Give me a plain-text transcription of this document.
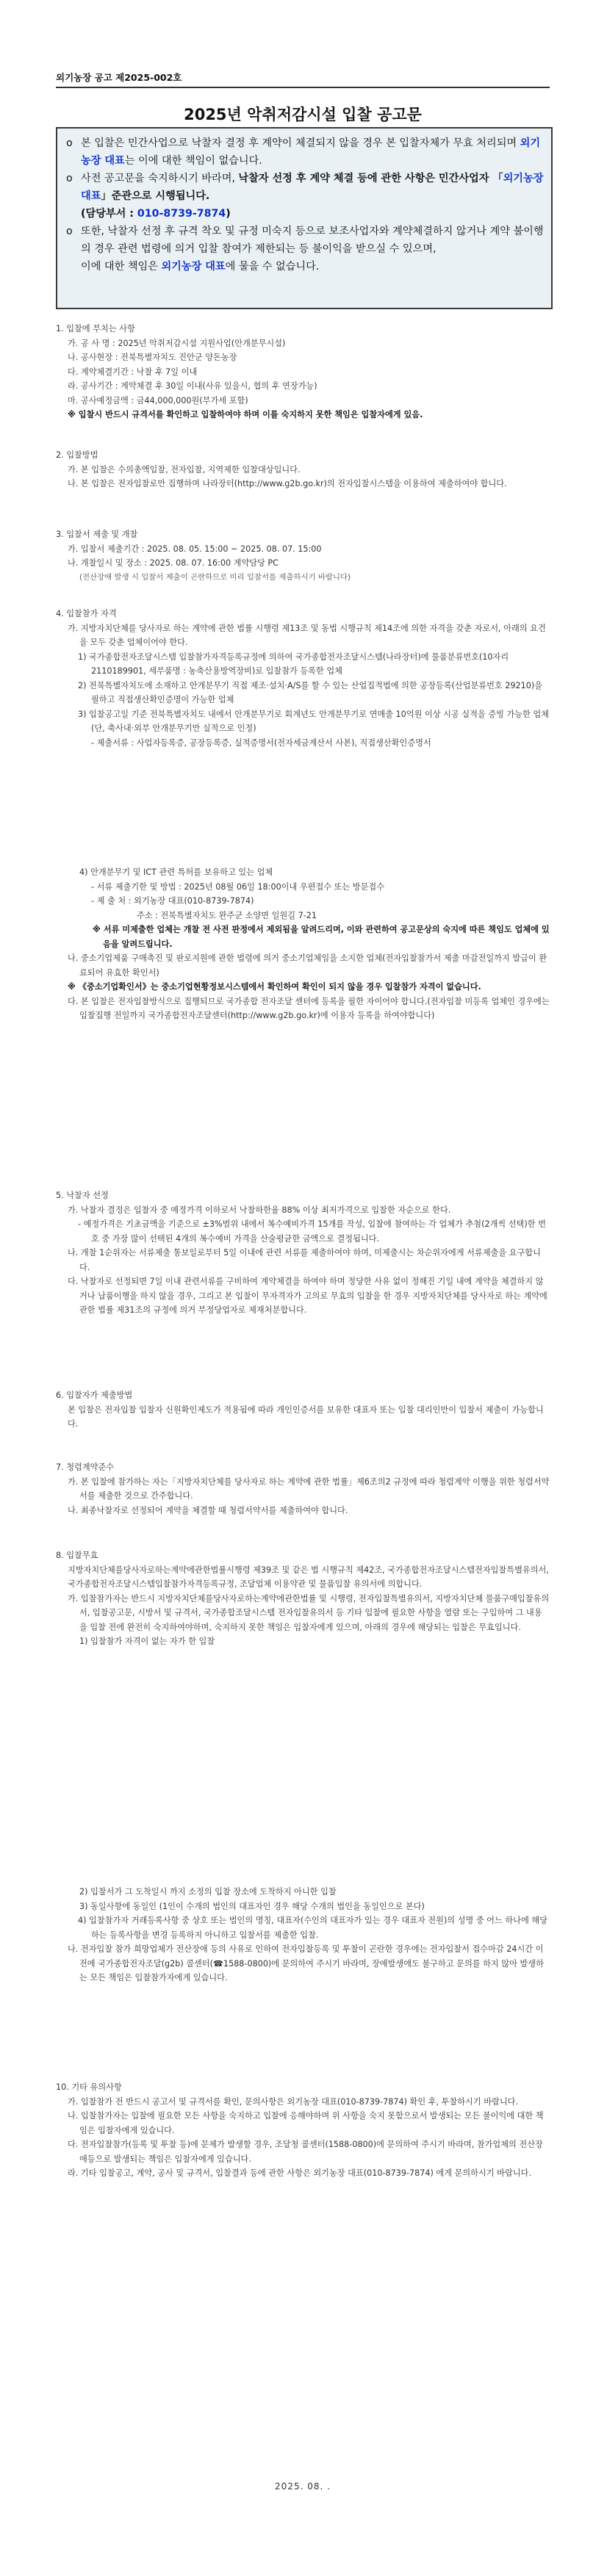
외기농장 공고 제2025-002호
2025년 악취저감시설 입찰 공고문
o 본 입찰은 민간사업으로 낙찰자 결정 후 계약이 체결되지 않을 경우 본 입찰자체가 무효 처리되며 외기농장 대표는 이에 대한 책임이 없습니다.
o 사전 공고문을 숙지하시기 바라며, 낙찰자 선정 후 계약 체결 등에 관한 사항은 민간사업자 「외기농장 대표」준관으로 시행됩니다.
(담당부서 : 010-8739-7874)
o 또한, 낙찰자 선정 후 규격 착오 및 규정 미숙지 등으로 보조사업자와 계약체결하지 않거나 계약 불이행의 경우 관련 법령에 의거 입찰 참여가 제한되는 등 불이익을 받으실 수 있으며,
이에 대한 책임은 외기농장 대표에 물을 수 없습니다.

1. 입찰에 부치는 사항

가. 공 사 명 : 2025년 악취저감시설 지원사업(안개분무시설)

나. 공사현장 : 전북특별자치도 진안군 양돈농장

다. 계약체결기간 : 낙찰 후 7일 이내

라. 공사기간 : 계약체결 후 30일 이내(사유 있을시, 협의 후 연장가능)

마. 공사예정금액 : 금44,000,000원(부가세 포함)

※ 입찰시 반드시 규격서를 확인하고 입찰하여야 하며 이를 숙지하지 못한 책임은 입찰자에게 있음.

2. 입찰방법

가. 본 입찰은 수의총액입찰, 전자입찰, 지역제한 입찰대상입니다.

나. 본 입찰은 전자입찰로만 집행하며 나라장터(http://www.g2b.go.kr)의 전자입찰시스템을 이용하여 제출하여야 합니다.

3. 입찰서 제출 및 개찰

가. 입찰서 제출기간 : 2025. 08. 05. 15:00 ~ 2025. 08. 07. 15:00

나. 개찰일시 및 장소 : 2025. 08. 07. 16:00 계약담당 PC

(전산장애 발생 시 입찰서 제출이 곤란하므로 미리 입찰서를 제출하시기 바랍니다)

4. 입찰참가 자격

가. 지방자치단체를 당사자로 하는 계약에 관한 법률 시행령 제13조 및 동법 시행규칙 제14조에 의한 자격을 갖춘 자로서, 아래의 요건을 모두 갖춘 업체이어야 한다.

1) 국가종합전자조달시스템 입찰참가자격등록규정에 의하여 국가종합전자조달시스템(나라장터)에 물품분류번호(10자리 2110189901, 세부품명 : 농축산용방역장비)로 입찰참가 등록한 업체

2) 전북특별자치도에 소재하고 안개분무기 직접 제조·설치·A/S를 할 수 있는 산업집적법에 의한 공장등록(산업분류번호 29210)을 필하고 직접생산확인증명이 가능한 업체

3) 입찰공고일 기준 전북특별자치도 내에서 안개분무기로 회계년도 안개분무기로 연매출 10억원 이상 시공 실적을 증빙 가능한 업체(단, 축사내·외부 안개분무기만 실적으로 인정)

- 제출서류 : 사업자등록증, 공장등록증, 실적증명서(전자세금계산서 사본), 직접생산확인증명서

4) 안개분무기 및 ICT 관련 특허를 보유하고 있는 업체

- 서류 제출기한 및 방법 : 2025년 08월 06일 18:00이내 우편접수 또는 방문접수

- 제 출 처 : 외기농장 대표(010-8739-7874)

주소 : 전북특별자치도 완주군 소양면 일원길 7-21

※ 서류 미제출한 업체는 개찰 전 사전 판정에서 제외됨을 알려드리며, 이와 관련하여 공고문상의 숙지에 따른 책임도 업체에 있음을 알려드립니다.

나. 중소기업제품 구매촉진 및 판로지원에 관한 법령에 의거 중소기업체임을 소지한 업체(전자입찰참가서 제출 마감전일까지 발급이 완료되어 유효한 확인서)

※ 《중소기업확인서》는 중소기업현황정보시스템에서 확인하여 확인이 되지 않을 경우 입찰참가 자격이 없습니다.

다. 본 입찰은 전자입찰방식으로 집행되므로 국가종합 전자조달 센터에 등록을 필한 자이어야 합니다.(전자입찰 미등록 업체인 경우에는 입찰집행 전일까지 국가종합전자조달센터(http://www.g2b.go.kr)에 이용자 등록을 하여야합니다)

5. 낙찰자 선정

가. 낙찰자 결정은 입찰자 중 예정가격 이하로서 낙찰하한율 88% 이상 최저가격으로 입찰한 자순으로 한다.

- 예정가격은 기초금액을 기준으로 ±3%범위 내에서 복수예비가격 15개를 작성, 입찰에 참여하는 각 업체가 추첨(2개씩 선택)한 번호 중 가장 많이 선택된 4개의 복수예비 가격을 산술평균한 금액으로 결정됩니다.

나. 개찰 1순위자는 서류제출 통보일로부터 5일 이내에 관련 서류를 제출하여야 하며, 미제출시는 차순위자에게 서류제출을 요구합니다.

다. 낙찰자로 선정되면 7일 이내 관련서류를 구비하여 계약체결을 하여야 하며 정당한 사유 없이 정해진 기일 내에 계약을 체결하지 않거나 납품이행을 하지 않을 경우, 그리고 본 입찰이 무자격자가 고의로 무효의 입찰을 한 경우 지방자치단체를 당사자로 하는 계약에 관한 법률 제31조의 규정에 의거 부정당업자로 제재처분합니다.

6. 입찰자가 제출방법

본 입찰은 전자입찰 입찰자 신원확인제도가 적용됨에 따라 개인인증서를 보유한 대표자 또는 입찰 대리인만이 입찰서 제출이 가능합니다.

7. 청렴계약준수

가. 본 입찰에 참가하는 자는「지방자치단체를 당사자로 하는 계약에 관한 법률」제6조의2 규정에 따라 청렴계약 이행을 위한 청렴서약서를 제출한 것으로 간주합니다.

나. 최종낙찰자로 선정되어 계약을 체결할 때 청렴서약서를 제출하여야 합니다.

8. 입찰무효

지방자치단체를당사자로하는계약에관한법률시행령 제39조 및 같은 법 시행규칙 제42조, 국가종합전자조달시스템전자입찰특별유의서, 국가종합전자조달시스템입찰참가자격등록규정, 조달업체 이용약관 및 물품입찰 유의서에 의합니다.

가. 입찰참가자는 반드시 지방자치단체를당사자로하는계약에관한법률 및 시행령, 전자입찰특별유의서, 지방자치단체 물품구매입찰유의서, 입찰공고문, 시방서 및 규격서, 국가종합조달시스템 전자입찰유의서 등 기타 입찰에 필요한 사항을 열람 또는 구입하여 그 내용을 입찰 전에 완전히 숙지하여야하며, 숙지하지 못한 책임은 입찰자에게 있으며, 아래의 경우에 해당되는 입찰은 무효입니다.

1) 입찰참가 자격이 없는 자가 한 입찰

2) 입찰서가 그 도착일시 까지 소정의 입찰 장소에 도착하지 아니한 입찰

3) 동일사항에 동일인 (1인이 수개의 법인의 대표자인 경우 해당 수개의 법인을 동일인으로 본다)

4) 입찰참가자 거래등록사항 중 상호 또는 법인의 명칭, 대표자(수인의 대표자가 있는 경우 대표자 전원)의 성명 중 어느 하나에 해당하는 등록사항을 변경 등록하지 아니하고 입찰서를 제출한 입찰.

나. 전자입찰 참가 희망업체가 전산장애 등의 사유로 인하여 전자입찰등록 및 투찰이 곤란한 경우에는 전자입찰서 접수마감 24시간 이전에 국가종합전자조달(g2b) 콜센터(☎1588-0800)에 문의하여 주시기 바라며, 장애발생에도 불구하고 문의를 하지 않아 발생하는 모든 책임은 입찰참가자에게 있습니다.

10. 기타 유의사항

가. 입찰참가 전 반드시 공고서 및 규격서를 확인, 문의사항은 외기농장 대표(010-8739-7874) 확인 후, 투찰하시기 바랍니다.

나. 입찰참가자는 입찰에 필요한 모든 사항을 숙지하고 입찰에 응해야하며 위 사항을 숙지 못함으로서 발생되는 모든 불이익에 대한 책임은 입찰자에게 있습니다.

다. 전자입찰참가(등록 및 투찰 등)에 문제가 발생할 경우, 조달청 콜센터(1588-0800)에 문의하여 주시기 바라며, 참가업체의 전산장애등으로 발생되는 책임은 입찰자에게 있습니다.

라. 기타 입찰공고, 계약, 공사 및 규격서, 입찰결과 등에 관한 사항은 외기농장 대표(010-8739-7874) 에게 문의하시기 바랍니다.

2025. 08. .
